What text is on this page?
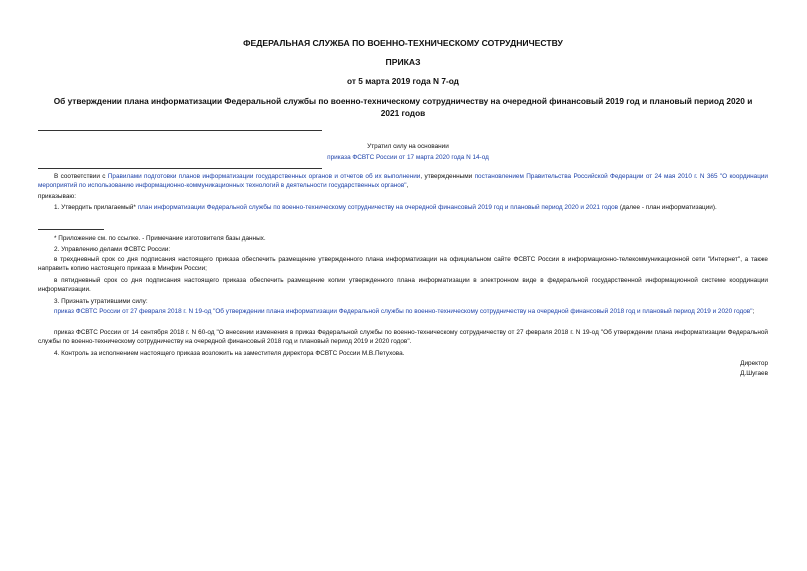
ФЕДЕРАЛЬНАЯ СЛУЖБА ПО ВОЕННО-ТЕХНИЧЕСКОМУ СОТРУДНИЧЕСТВУ
ПРИКАЗ
от 5 марта 2019 года N 7-од
Об утверждении плана информатизации Федеральной службы по военно-техническому сотрудничеству на очередной финансовый 2019 год и плановый период 2020 и 2021 годов
Утратил силу на основании
приказа ФСВТС России от 17 марта 2020 года N 14-од
В соответствии с Правилами подготовки планов информатизации государственных органов и отчетов об их выполнении, утвержденными постановлением Правительства Российской Федерации от 24 мая 2010 г. N 365 "О координации мероприятий по использованию информационно-коммуникационных технологий в деятельности государственных органов",
приказываю:
1. Утвердить прилагаемый* план информатизации Федеральной службы по военно-техническому сотрудничеству на очередной финансовый 2019 год и плановый период 2020 и 2021 годов (далее - план информатизации).
* Приложение см. по ссылке. - Примечание изготовителя базы данных.
2. Управлению делами ФСВТС России:
в трехдневный срок со дня подписания настоящего приказа обеспечить размещение утвержденного плана информатизации на официальном сайте ФСВТС России в информационно-телекоммуникационной сети "Интернет", а также направить копию настоящего приказа в Минфин России;
в пятидневный срок со дня подписания настоящего приказа обеспечить размещение копии утвержденного плана информатизации в электронном виде в федеральной государственной информационной системе координации информатизации.
3. Признать утратившими силу:
приказ ФСВТС России от 27 февраля 2018 г. N 19-од "Об утверждении плана информатизации Федеральной службы по военно-техническому сотрудничеству на очередной финансовый 2018 год и плановый период 2019 и 2020 годов";
приказ ФСВТС России от 14 сентября 2018 г. N 60-од "О внесении изменения в приказ Федеральной службы по военно-техническому сотрудничеству от 27 февраля 2018 г. N 19-од "Об утверждении плана информатизации Федеральной службы по военно-техническому сотрудничеству на очередной финансовый 2018 год и плановый период 2019 и 2020 годов".
4. Контроль за исполнением настоящего приказа возложить на заместителя директора ФСВТС России М.В.Петухова.
Директор
Д.Шугаев
